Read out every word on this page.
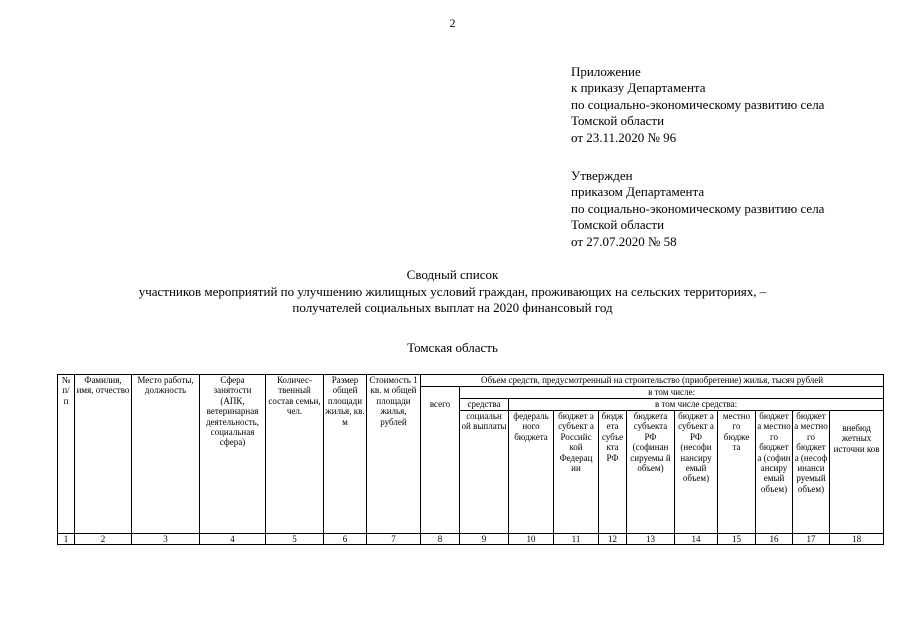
2
Приложение
к приказу Департамента
по социально-экономическому развитию села
Томской области
от 23.11.2020 № 96
Утвержден
приказом Департамента
по социально-экономическому развитию села
Томской области
от 27.07.2020 № 58
Сводный список
участников мероприятий по улучшению жилищных условий граждан, проживающих на сельских территориях, –
получателей социальных выплат на 2020 финансовый год
Томская область
№ п/ п	Фамилия, имя, отчество	Место работы, должность	Сфера занятости (АПК, ветеринарная деятельность, социальная сфера)	Количес- твенный состав семьи, чел.	Размер общей площади жилья, кв. м	Стоимость 1 кв. м общей площади жилья, рублей	Объем средств, предусмотренный на строительство (приобретение) жилья, тысяч рублей										
							всего	в том числе:									
								средства	в том числе средства:								
								социальн ой выплаты	федераль ного бюджета	бюджет а субъект а Российс кой Федерац ии	бюдж ета субъе кта РФ	бюджета субъекта РФ (софинан сируемы й объем)	бюджет а субъект а РФ (несофи нансиру емый объем)	местно го бюдже та	бюджет а местно го бюджет а (софин ансиру емый объем)	бюджет а местно го бюджет а (несоф инанси руемый объем)	внебюд жетных источни ков
1	2	3	4	5	6	7	8	9	10	11	12	13	14	15	16	17	18
